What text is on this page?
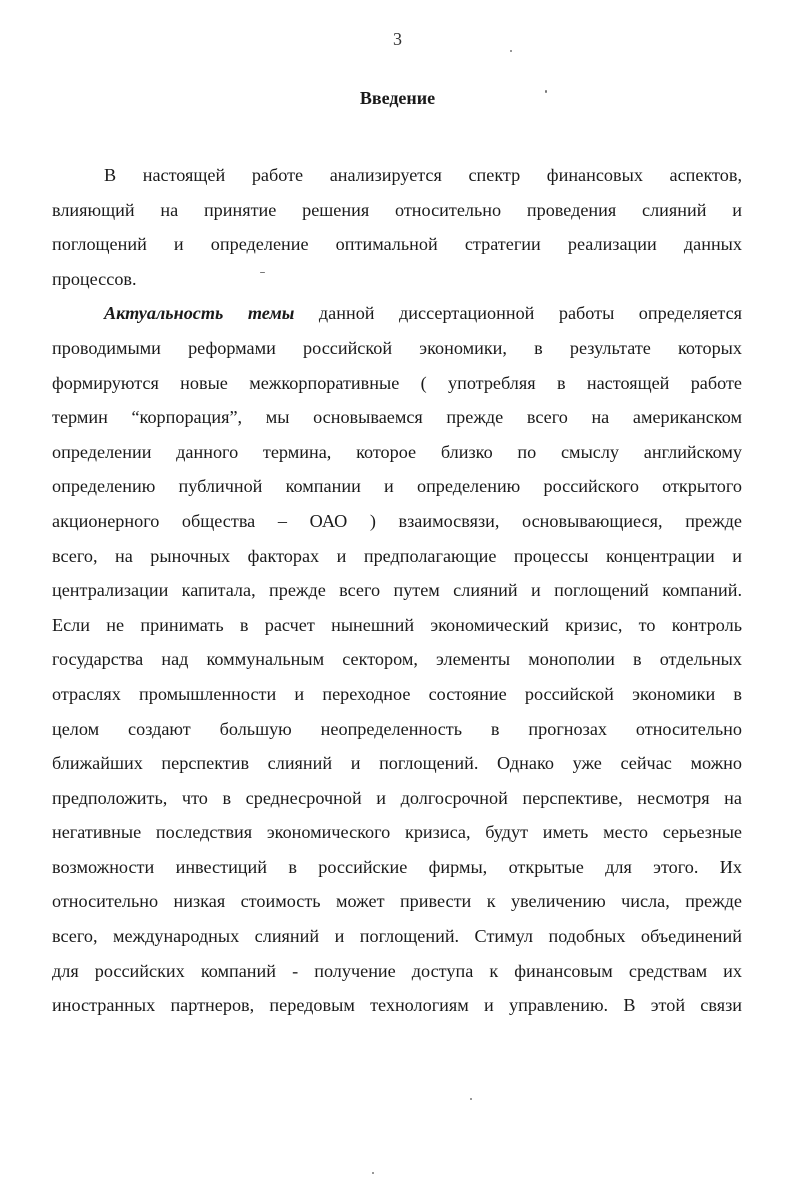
3
Введение
В настоящей работе анализируется спектр финансовых аспектов,
влияющий на принятие решения относительно проведения слияний и
поглощений и определение оптимальной стратегии реализации данных
процессов.
Актуальность темы данной диссертационной работы определяется
проводимыми реформами российской экономики, в результате которых
формируются новые межкорпоративные ( употребляя в настоящей работе
термин “корпорация”, мы основываемся прежде всего на американском
определении данного термина, которое близко по смыслу английскому
определению публичной компании и определению российского открытого
акционерного общества – ОАО ) взаимосвязи, основывающиеся, прежде
всего, на рыночных факторах и предполагающие процессы концентрации и
централизации капитала, прежде всего путем слияний и поглощений компаний.
Если не принимать в расчет нынешний экономический кризис, то контроль
государства над коммунальным сектором, элементы монополии в отдельных
отраслях промышленности и переходное состояние российской экономики в
целом создают большую неопределенность в прогнозах относительно
ближайших перспектив слияний и поглощений. Однако уже сейчас можно
предположить, что в среднесрочной и долгосрочной перспективе, несмотря на
негативные последствия экономического кризиса, будут иметь место серьезные
возможности инвестиций в российские фирмы, открытые для этого. Их
относительно низкая стоимость может привести к увеличению числа, прежде
всего, международных слияний и поглощений. Стимул подобных объединений
для российских компаний - получение доступа к финансовым средствам их
иностранных партнеров, передовым технологиям и управлению. В этой связи
